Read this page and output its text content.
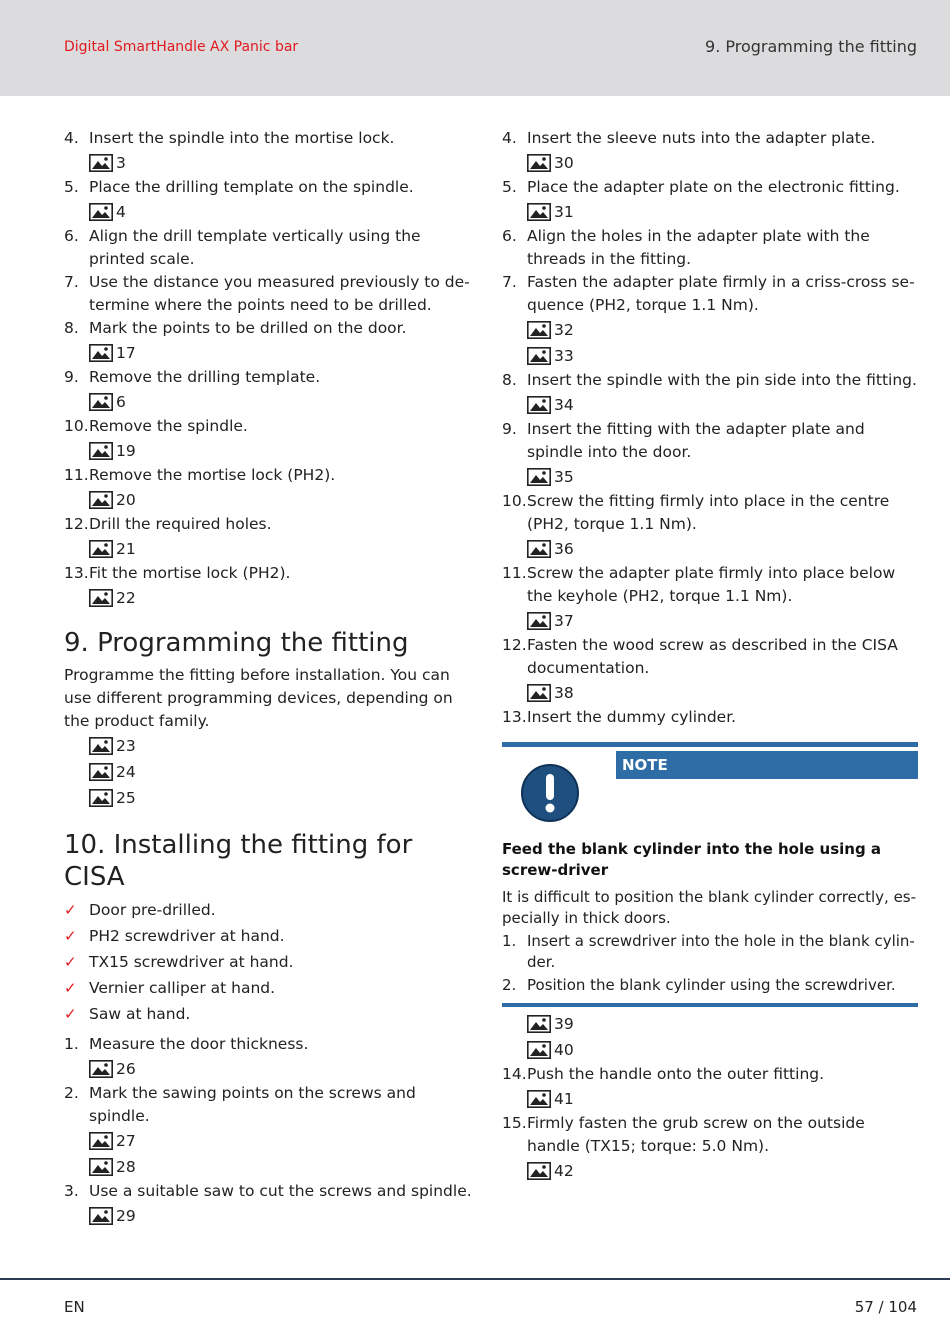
Digital SmartHandle AX Panic bar	9. Programming the fitting
4. Insert the spindle into the mortise lock.
3
5. Place the drilling template on the spindle.
4
6. Align the drill template vertically using the printed scale.
7. Use the distance you measured previously to de-termine where the points need to be drilled.
8. Mark the points to be drilled on the door.
17
9. Remove the drilling template.
6
10. Remove the spindle.
19
11. Remove the mortise lock (PH2).
20
12. Drill the required holes.
21
13. Fit the mortise lock (PH2).
22
9. Programming the fitting

Programme the fitting before installation. You can use different programming devices, depending on the product family.

23
24
25
10. Installing the fitting for CISA
✓ Door pre-drilled.
✓ PH2 screwdriver at hand.
✓ TX15 screwdriver at hand.
✓ Vernier calliper at hand.
✓ Saw at hand.
1. Measure the door thickness.
26
2. Mark the sawing points on the screws and spindle.
27
28
3. Use a suitable saw to cut the screws and spindle.
29
4. Insert the sleeve nuts into the adapter plate.
30
5. Place the adapter plate on the electronic fitting.
31
6. Align the holes in the adapter plate with the threads in the fitting.
7. Fasten the adapter plate firmly in a criss-cross se-quence (PH2, torque 1.1 Nm).
32
33
8. Insert the spindle with the pin side into the fitting.
34
9. Insert the fitting with the adapter plate and spindle into the door.
35
10. Screw the fitting firmly into place in the centre (PH2, torque 1.1 Nm).
36
11. Screw the adapter plate firmly into place below the keyhole (PH2, torque 1.1 Nm).
37
12. Fasten the wood screw as described in the CISA documentation.
38
13. Insert the dummy cylinder.
NOTE
Feed the blank cylinder into the hole using a screw-driver
It is difficult to position the blank cylinder correctly, es-pecially in thick doors.
1. Insert a screwdriver into the hole in the blank cylin-der.
2. Position the blank cylinder using the screwdriver.
39
40
14. Push the handle onto the outer fitting.
41
15. Firmly fasten the grub screw on the outside handle (TX15; torque: 5.0 Nm).
42
EN	57 / 104
